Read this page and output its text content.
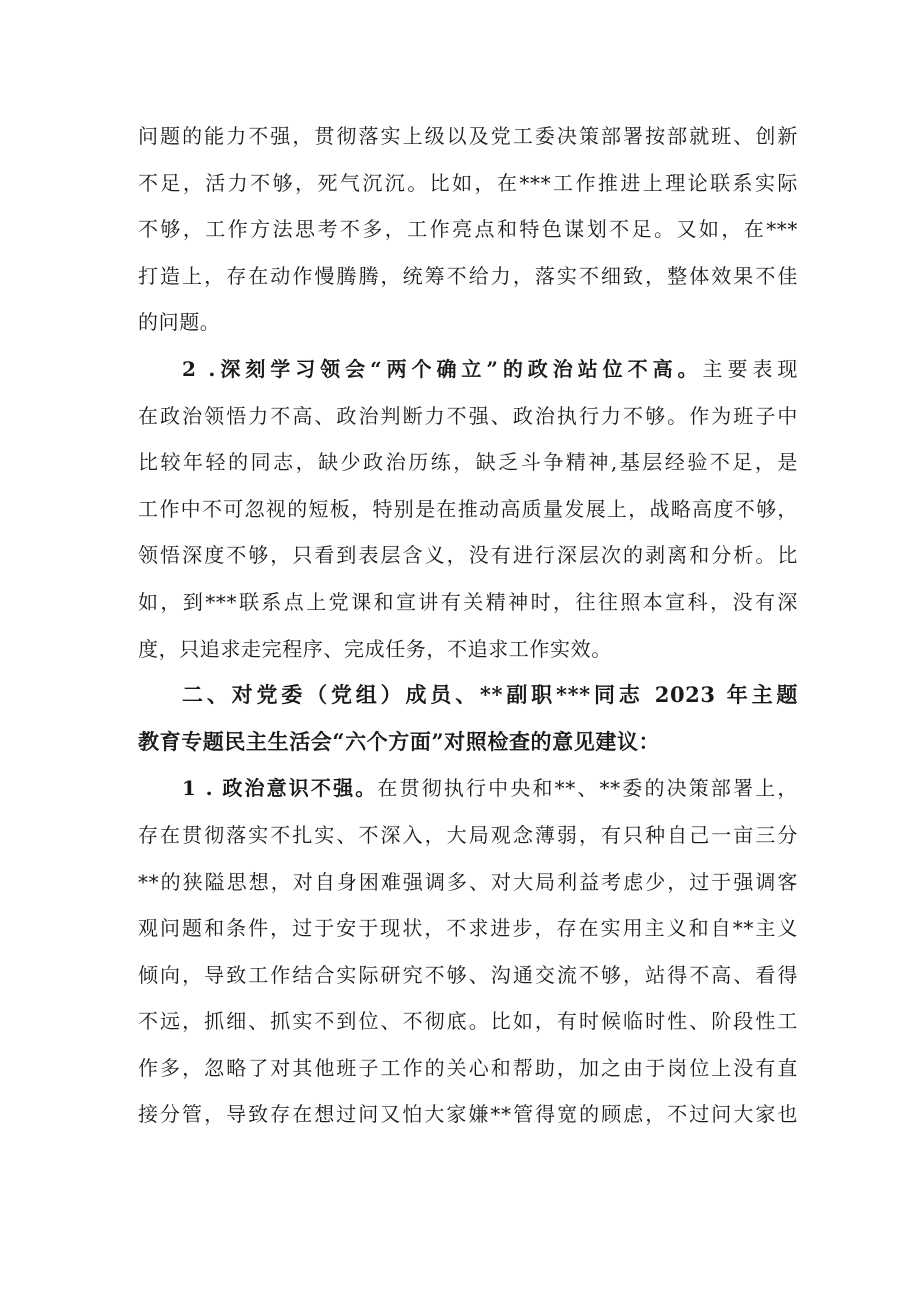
问题的能力不强，贯彻落实上级以及党工委决策部署按部就班、创新
不足，活力不够，死气沉沉。比如，在***工作推进上理论联系实际
不够，工作方法思考不多，工作亮点和特色谋划不足。又如，在***
打造上，存在动作慢腾腾，统筹不给力，落实不细致，整体效果不佳
的问题。
2 .深刻学习领会“两个确立”的政治站位不高。主要表现
在政治领悟力不高、政治判断力不强、政治执行力不够。作为班子中
比较年轻的同志，缺少政治历练，缺乏斗争精神,基层经验不足，是
工作中不可忽视的短板，特别是在推动高质量发展上，战略高度不够，
领悟深度不够，只看到表层含义，没有进行深层次的剥离和分析。比
如，到***联系点上党课和宣讲有关精神时，往往照本宣科，没有深
度，只追求走完程序、完成任务，不追求工作实效。
二、对党委（党组）成员、**副职***同志 2023 年主题
教育专题民主生活会“六个方面”对照检查的意见建议：
1 . 政治意识不强。在贯彻执行中央和**、**委的决策部署上，
存在贯彻落实不扎实、不深入，大局观念薄弱，有只种自己一亩三分
**的狭隘思想，对自身困难强调多、对大局利益考虑少，过于强调客
观问题和条件，过于安于现状，不求进步，存在实用主义和自**主义
倾向，导致工作结合实际研究不够、沟通交流不够，站得不高、看得
不远，抓细、抓实不到位、不彻底。比如，有时候临时性、阶段性工
作多，忽略了对其他班子工作的关心和帮助，加之由于岗位上没有直
接分管，导致存在想过问又怕大家嫌**管得宽的顾虑，不过问大家也
